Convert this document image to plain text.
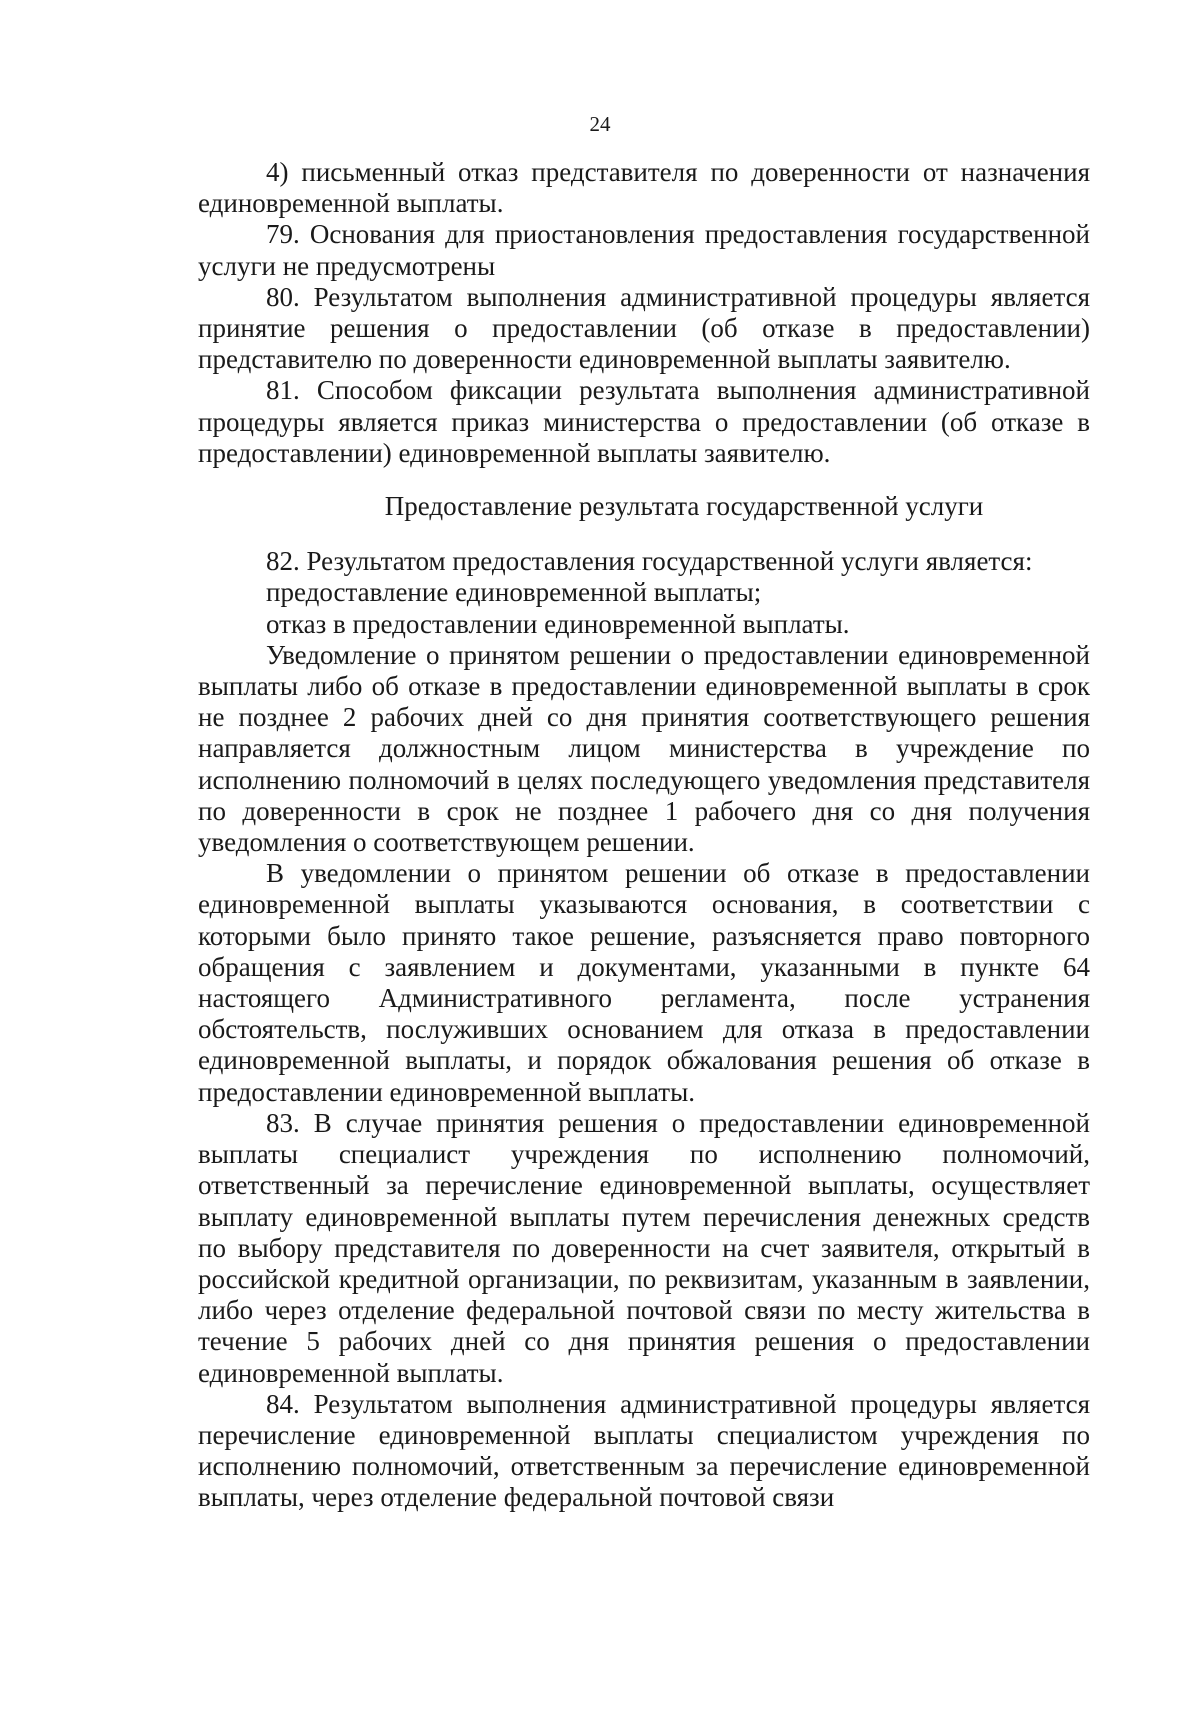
24

4) письменный отказ представителя по доверенности от назначения единовременной выплаты.

79. Основания для приостановления предоставления государственной услуги не предусмотрены

80. Результатом выполнения административной процедуры является принятие решения о предоставлении (об отказе в предоставлении) представителю по доверенности единовременной выплаты заявителю.

81. Способом фиксации результата выполнения административной процедуры является приказ министерства о предоставлении (об отказе в предоставлении) единовременной выплаты заявителю.

Предоставление результата государственной услуги

82. Результатом предоставления государственной услуги является:

предоставление единовременной выплаты;

отказ в предоставлении единовременной выплаты.

Уведомление о принятом решении о предоставлении единовременной выплаты либо об отказе в предоставлении единовременной выплаты в срок не позднее 2 рабочих дней со дня принятия соответствующего решения направляется должностным лицом министерства в учреждение по исполнению полномочий в целях последующего уведомления представителя по доверенности в срок не позднее 1 рабочего дня со дня получения уведомления о соответствующем решении.

В уведомлении о принятом решении об отказе в предоставлении единовременной выплаты указываются основания, в соответствии с которыми было принято такое решение, разъясняется право повторного обращения с заявлением и документами, указанными в пункте 64 настоящего Административного регламента, после устранения обстоятельств, послуживших основанием для отказа в предоставлении единовременной выплаты, и порядок обжалования решения об отказе в предоставлении единовременной выплаты.

83. В случае принятия решения о предоставлении единовременной выплаты специалист учреждения по исполнению полномочий, ответственный за перечисление единовременной выплаты, осуществляет выплату единовременной выплаты путем перечисления денежных средств по выбору представителя по доверенности на счет заявителя, открытый в российской кредитной организации, по реквизитам, указанным в заявлении, либо через отделение федеральной почтовой связи по месту жительства в течение 5 рабочих дней со дня принятия решения о предоставлении единовременной выплаты.

84. Результатом выполнения административной процедуры является перечисление единовременной выплаты специалистом учреждения по исполнению полномочий, ответственным за перечисление единовременной выплаты, через отделение федеральной почтовой связи
